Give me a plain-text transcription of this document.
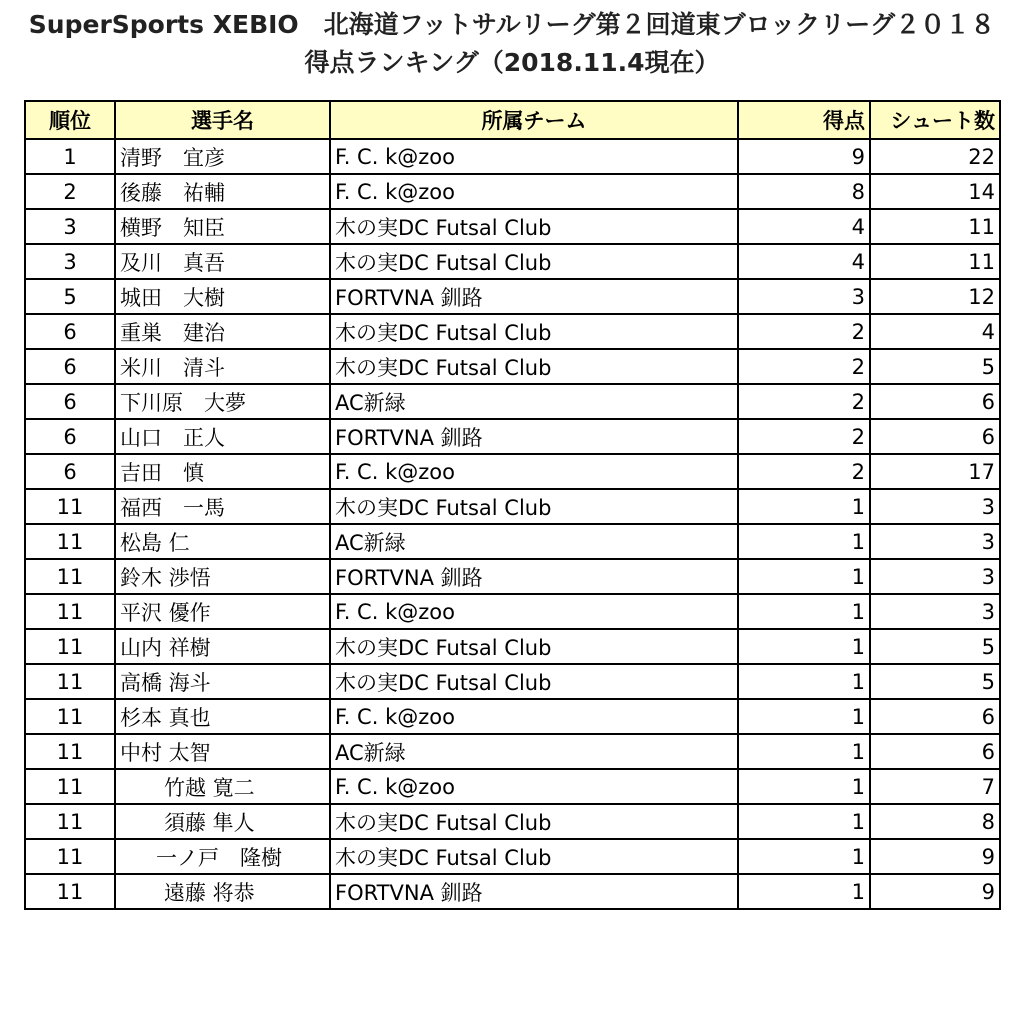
SuperSports XEBIO　北海道フットサルリーグ第２回道東ブロックリーグ２０１８
得点ランキング（2018.11.4現在）
順位	選手名	所属チーム	得点	シュート数
1	清野　宜彦	F. C. k@zoo	9	22
2	後藤　祐輔	F. C. k@zoo	8	14
3	横野　知臣	木の実DC Futsal Club	4	11
3	及川　真吾	木の実DC Futsal Club	4	11
5	城田　大樹	FORTVNA 釧路	3	12
6	重巣　建治	木の実DC Futsal Club	2	4
6	米川　清斗	木の実DC Futsal Club	2	5
6	下川原　大夢	AC新緑	2	6
6	山口　正人	FORTVNA 釧路	2	6
6	吉田　慎	F. C. k@zoo	2	17
11	福西　一馬	木の実DC Futsal Club	1	3
11	松島 仁	AC新緑	1	3
11	鈴木 渉悟	FORTVNA 釧路	1	3
11	平沢 優作	F. C. k@zoo	1	3
11	山内 祥樹	木の実DC Futsal Club	1	5
11	高橋 海斗	木の実DC Futsal Club	1	5
11	杉本 真也	F. C. k@zoo	1	6
11	中村 太智	AC新緑	1	6
11	竹越 寛二	F. C. k@zoo	1	7
11	須藤 隼人	木の実DC Futsal Club	1	8
11	一ノ戸　隆樹	木の実DC Futsal Club	1	9
11	遠藤 将恭	FORTVNA 釧路	1	9
